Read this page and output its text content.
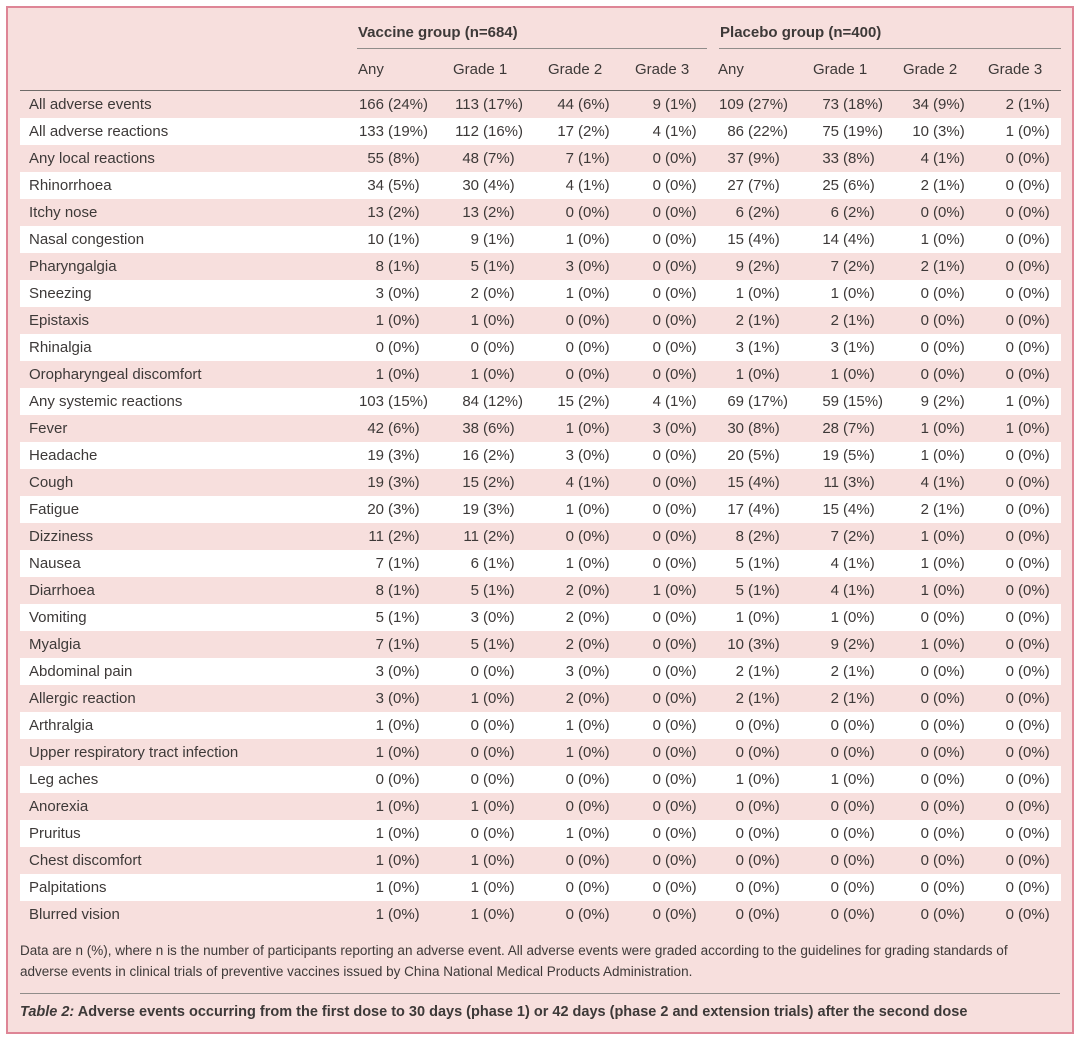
	Vaccine group (n=684)				Placebo group (n=400)			

	Any	Grade 1	Grade 2	Grade 3	Any	Grade 1	Grade 2	Grade 3
All adverse events	166 (24%)	113 (17%)	44 (6%)	9 (1%)	109 (27%)	73 (18%)	34 (9%)	2 (1%)
All adverse reactions	133 (19%)	112 (16%)	17 (2%)	4 (1%)	86 (22%)	75 (19%)	10 (3%)	1 (0%)
Any local reactions	55 (8%)	48 (7%)	7 (1%)	0 (0%)	37 (9%)	33 (8%)	4 (1%)	0 (0%)
Rhinorrhoea	34 (5%)	30 (4%)	4 (1%)	0 (0%)	27 (7%)	25 (6%)	2 (1%)	0 (0%)
Itchy nose	13 (2%)	13 (2%)	0 (0%)	0 (0%)	6 (2%)	6 (2%)	0 (0%)	0 (0%)
Nasal congestion	10 (1%)	9 (1%)	1 (0%)	0 (0%)	15 (4%)	14 (4%)	1 (0%)	0 (0%)
Pharyngalgia	8 (1%)	5 (1%)	3 (0%)	0 (0%)	9 (2%)	7 (2%)	2 (1%)	0 (0%)
Sneezing	3 (0%)	2 (0%)	1 (0%)	0 (0%)	1 (0%)	1 (0%)	0 (0%)	0 (0%)
Epistaxis	1 (0%)	1 (0%)	0 (0%)	0 (0%)	2 (1%)	2 (1%)	0 (0%)	0 (0%)
Rhinalgia	0 (0%)	0 (0%)	0 (0%)	0 (0%)	3 (1%)	3 (1%)	0 (0%)	0 (0%)
Oropharyngeal discomfort	1 (0%)	1 (0%)	0 (0%)	0 (0%)	1 (0%)	1 (0%)	0 (0%)	0 (0%)
Any systemic reactions	103 (15%)	84 (12%)	15 (2%)	4 (1%)	69 (17%)	59 (15%)	9 (2%)	1 (0%)
Fever	42 (6%)	38 (6%)	1 (0%)	3 (0%)	30 (8%)	28 (7%)	1 (0%)	1 (0%)
Headache	19 (3%)	16 (2%)	3 (0%)	0 (0%)	20 (5%)	19 (5%)	1 (0%)	0 (0%)
Cough	19 (3%)	15 (2%)	4 (1%)	0 (0%)	15 (4%)	11 (3%)	4 (1%)	0 (0%)
Fatigue	20 (3%)	19 (3%)	1 (0%)	0 (0%)	17 (4%)	15 (4%)	2 (1%)	0 (0%)
Dizziness	11 (2%)	11 (2%)	0 (0%)	0 (0%)	8 (2%)	7 (2%)	1 (0%)	0 (0%)
Nausea	7 (1%)	6 (1%)	1 (0%)	0 (0%)	5 (1%)	4 (1%)	1 (0%)	0 (0%)
Diarrhoea	8 (1%)	5 (1%)	2 (0%)	1 (0%)	5 (1%)	4 (1%)	1 (0%)	0 (0%)
Vomiting	5 (1%)	3 (0%)	2 (0%)	0 (0%)	1 (0%)	1 (0%)	0 (0%)	0 (0%)
Myalgia	7 (1%)	5 (1%)	2 (0%)	0 (0%)	10 (3%)	9 (2%)	1 (0%)	0 (0%)
Abdominal pain	3 (0%)	0 (0%)	3 (0%)	0 (0%)	2 (1%)	2 (1%)	0 (0%)	0 (0%)
Allergic reaction	3 (0%)	1 (0%)	2 (0%)	0 (0%)	2 (1%)	2 (1%)	0 (0%)	0 (0%)
Arthralgia	1 (0%)	0 (0%)	1 (0%)	0 (0%)	0 (0%)	0 (0%)	0 (0%)	0 (0%)
Upper respiratory tract infection	1 (0%)	0 (0%)	1 (0%)	0 (0%)	0 (0%)	0 (0%)	0 (0%)	0 (0%)
Leg aches	0 (0%)	0 (0%)	0 (0%)	0 (0%)	1 (0%)	1 (0%)	0 (0%)	0 (0%)
Anorexia	1 (0%)	1 (0%)	0 (0%)	0 (0%)	0 (0%)	0 (0%)	0 (0%)	0 (0%)
Pruritus	1 (0%)	0 (0%)	1 (0%)	0 (0%)	0 (0%)	0 (0%)	0 (0%)	0 (0%)
Chest discomfort	1 (0%)	1 (0%)	0 (0%)	0 (0%)	0 (0%)	0 (0%)	0 (0%)	0 (0%)
Palpitations	1 (0%)	1 (0%)	0 (0%)	0 (0%)	0 (0%)	0 (0%)	0 (0%)	0 (0%)
Blurred vision	1 (0%)	1 (0%)	0 (0%)	0 (0%)	0 (0%)	0 (0%)	0 (0%)	0 (0%)
Data are n (%), where n is the number of participants reporting an adverse event. All adverse events were graded according to the guidelines for grading standards of adverse events in clinical trials of preventive vaccines issued by China National Medical Products Administration.
Table 2: Adverse events occurring from the first dose to 30 days (phase 1) or 42 days (phase 2 and extension trials) after the second dose
